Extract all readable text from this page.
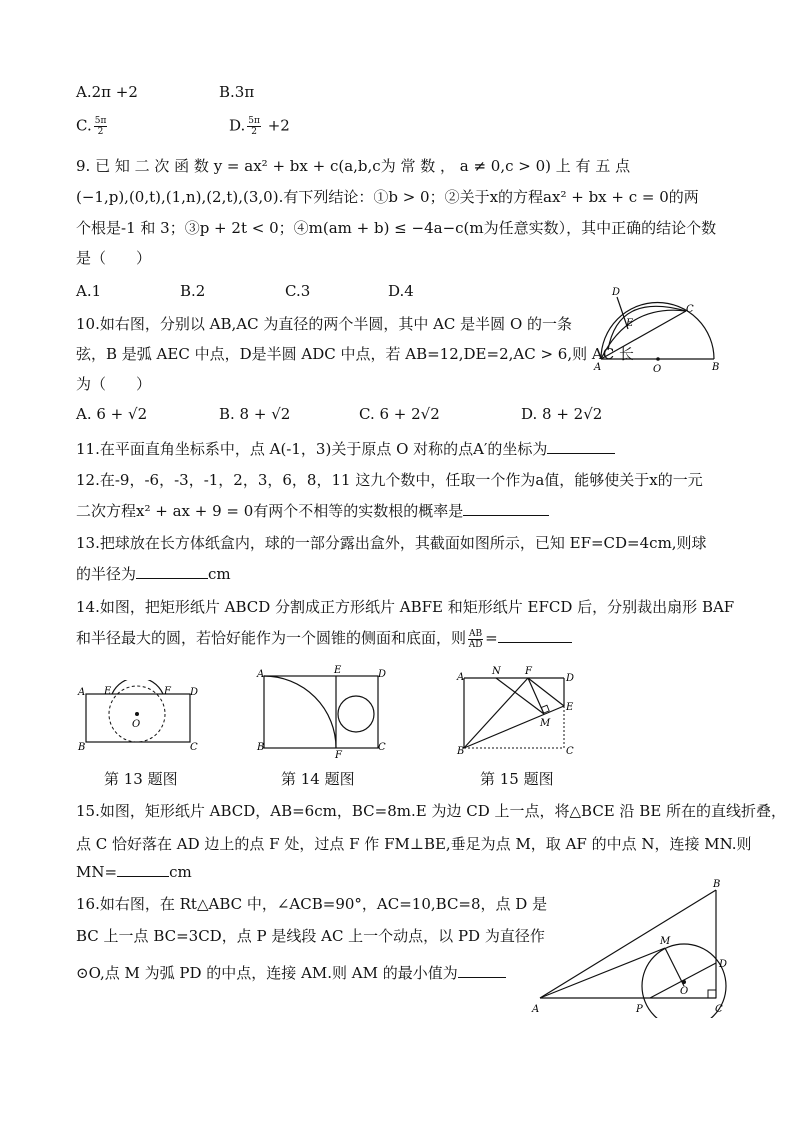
A.2π +2	B.3π
C. $\frac{5\pi}{2}$	D. $\frac{5\pi}{2} +2$
9. 已 知 二 次 函 数 y = ax² + bx + c(a,b,c为 常 数 ， a ≠ 0,c > 0) 上 有 五 点
(−1,p),(0,t),(1,n),(2,t),(3,0).有下列结论：①b > 0；②关于x的方程ax² + bx + c = 0的两
个根是-1 和 3；③p + 2t < 0；④m(am + b) ≤ −4a−c(m为任意实数），其中正确的结论个数
是（　　）
A.1	B.2	C.3	D.4
10.如右图，分别以 AB,AC 为直径的两个半圆，其中 AC 是半圆 O 的一条
弦，B 是弧 AEC 中点，D是半圆 ADC 中点，若 AB=12,DE=2,AC > 6,则 AC 长
为（　　）
A. 6 + √2	B. 8 + √2	C. 6 + 2√2	D. 8 + 2√2
D
E
C
A	O	B
11.在平面直角坐标系中，点 A(-1，3)关于原点 O 对称的点A′的坐标为
12.在-9，-6，-3，-1，2，3，6，8，11 这九个数中，任取一个作为a值，能够使关于x的一元
二次方程x² + ax + 9 = 0有两个不相等的实数根的概率是
13.把球放在长方体纸盒内，球的一部分露出盒外，其截面如图所示，已知 EF=CD=4cm,则球
的半径为	cm
14.如图，把矩形纸片 ABCD 分割成正方形纸片 ABFE 和矩形纸片 EFCD 后，分别裁出扇形 BAF
和半径最大的圆，若恰好能作为一个圆锥的侧面和底面，则 $\frac{AB}{AD}$ =
A E	F D
O
B	C
A	E	D
B
F
C
A
N F
D
E
M
B	C
第 13 题图	第 14 题图	第 15 题图
15.如图，矩形纸片 ABCD，AB=6cm，BC=8m.E 为边 CD 上一点，将△BCE 沿 BE 所在的直线折叠，
点 C 恰好落在 AD 边上的点 F 处，过点 F 作 FM⊥BE,垂足为点 M，取 AF 的中点 N，连接 MN.则
MN=	cm
16.如右图，在 Rt△ABC 中，∠ACB=90°，AC=10,BC=8，点 D 是
BC 上一点 BC=3CD，点 P 是线段 AC 上一个动点，以 PD 为直径作
⊙O,点 M 为弧 PD 的中点，连接 AM.则 AM 的最小值为
B
M
D
O
A	P	C
